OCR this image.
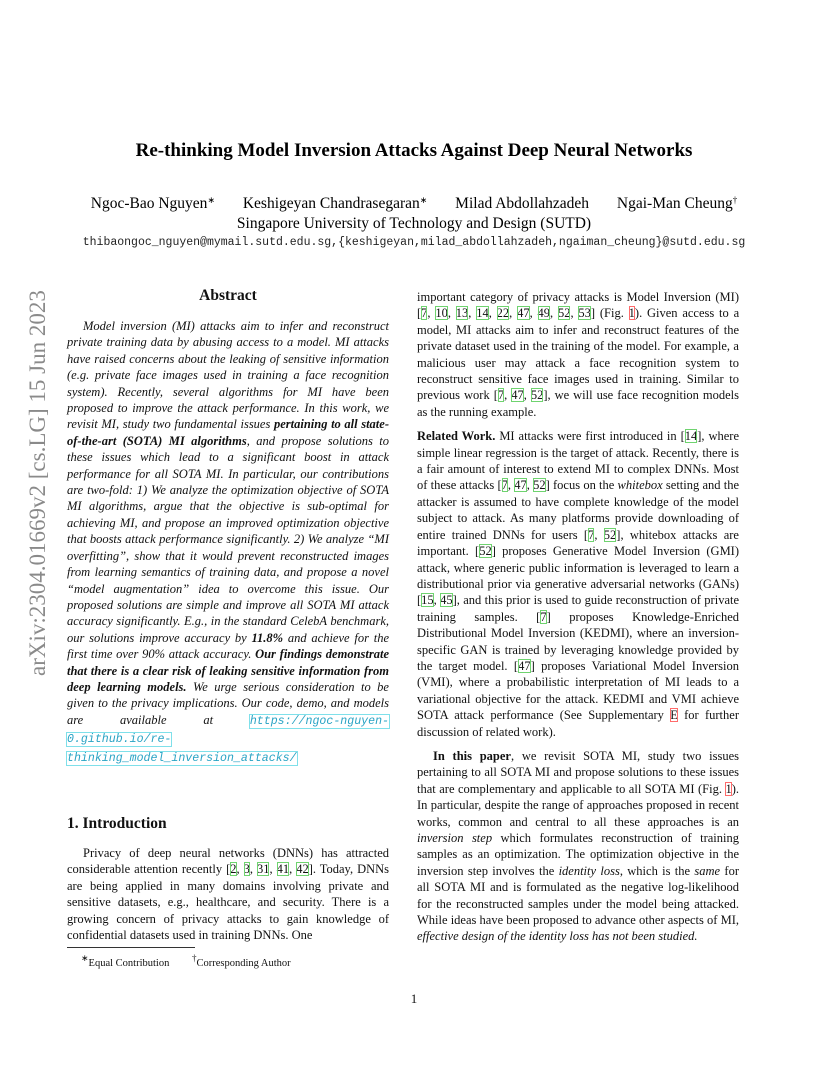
arXiv:2304.01669v2 [cs.LG] 15 Jun 2023
Re-thinking Model Inversion Attacks Against Deep Neural Networks
Ngoc-Bao Nguyen∗ Keshigeyan Chandrasegaran∗ Milad Abdollahzadeh Ngai-Man Cheung†
Singapore University of Technology and Design (SUTD)
thibaongoc_nguyen@mymail.sutd.edu.sg,{keshigeyan,milad_abdollahzadeh,ngaiman_cheung}@sutd.edu.sg
Abstract

Model inversion (MI) attacks aim to infer and reconstruct private training data by abusing access to a model. MI attacks have raised concerns about the leaking of sensitive information (e.g. private face images used in training a face recognition system). Recently, several algorithms for MI have been proposed to improve the attack performance. In this work, we revisit MI, study two fundamental issues pertaining to all state-of-the-art (SOTA) MI algorithms, and propose solutions to these issues which lead to a significant boost in attack performance for all SOTA MI. In particular, our contributions are two-fold: 1) We analyze the optimization objective of SOTA MI algorithms, argue that the objective is sub-optimal for achieving MI, and propose an improved optimization objective that boosts attack performance significantly. 2) We analyze “MI overfitting”, show that it would prevent reconstructed images from learning semantics of training data, and propose a novel “model augmentation” idea to overcome this issue. Our proposed solutions are simple and improve all SOTA MI attack accuracy significantly. E.g., in the standard CelebA benchmark, our solutions improve accuracy by 11.8% and achieve for the first time over 90% attack accuracy. Our findings demonstrate that there is a clear risk of leaking sensitive information from deep learning models. We urge serious consideration to be given to the privacy implications. Our code, demo, and models are available at https://ngoc-nguyen-0.github.io/re-
thinking_model_inversion_attacks/

1. Introduction

Privacy of deep neural networks (DNNs) has attracted considerable attention recently [2, 3, 31, 41, 42]. Today, DNNs are being applied in many domains involving private and sensitive datasets, e.g., healthcare, and security. There is a growing concern of privacy attacks to gain knowledge of confidential datasets used in training DNNs. One

important category of privacy attacks is Model Inversion (MI) [7, 10, 13, 14, 22, 47, 49, 52, 53] (Fig. 1). Given access to a model, MI attacks aim to infer and reconstruct features of the private dataset used in the training of the model. For example, a malicious user may attack a face recognition system to reconstruct sensitive face images used in training. Similar to previous work [7, 47, 52], we will use face recognition models as the running example.

Related Work. MI attacks were first introduced in [14], where simple linear regression is the target of attack. Recently, there is a fair amount of interest to extend MI to complex DNNs. Most of these attacks [7, 47, 52] focus on the whitebox setting and the attacker is assumed to have complete knowledge of the model subject to attack. As many platforms provide downloading of entire trained DNNs for users [7, 52], whitebox attacks are important. [52] proposes Generative Model Inversion (GMI) attack, where generic public information is leveraged to learn a distributional prior via generative adversarial networks (GANs) [15, 45], and this prior is used to guide reconstruction of private training samples. [7] proposes Knowledge-Enriched Distributional Model Inversion (KEDMI), where an inversion-specific GAN is trained by leveraging knowledge provided by the target model. [47] proposes Variational Model Inversion (VMI), where a probabilistic interpretation of MI leads to a variational objective for the attack. KEDMI and VMI achieve SOTA attack performance (See Supplementary E for further discussion of related work).

In this paper, we revisit SOTA MI, study two issues pertaining to all SOTA MI and propose solutions to these issues that are complementary and applicable to all SOTA MI (Fig. 1). In particular, despite the range of approaches proposed in recent works, common and central to all these approaches is an inversion step which formulates reconstruction of training samples as an optimization. The optimization objective in the inversion step involves the identity loss, which is the same for all SOTA MI and is formulated as the negative log-likelihood for the reconstructed samples under the model being attacked. While ideas have been proposed to advance other aspects of MI, effective design of the identity loss has not been studied.

∗Equal Contribution	†Corresponding Author
1
